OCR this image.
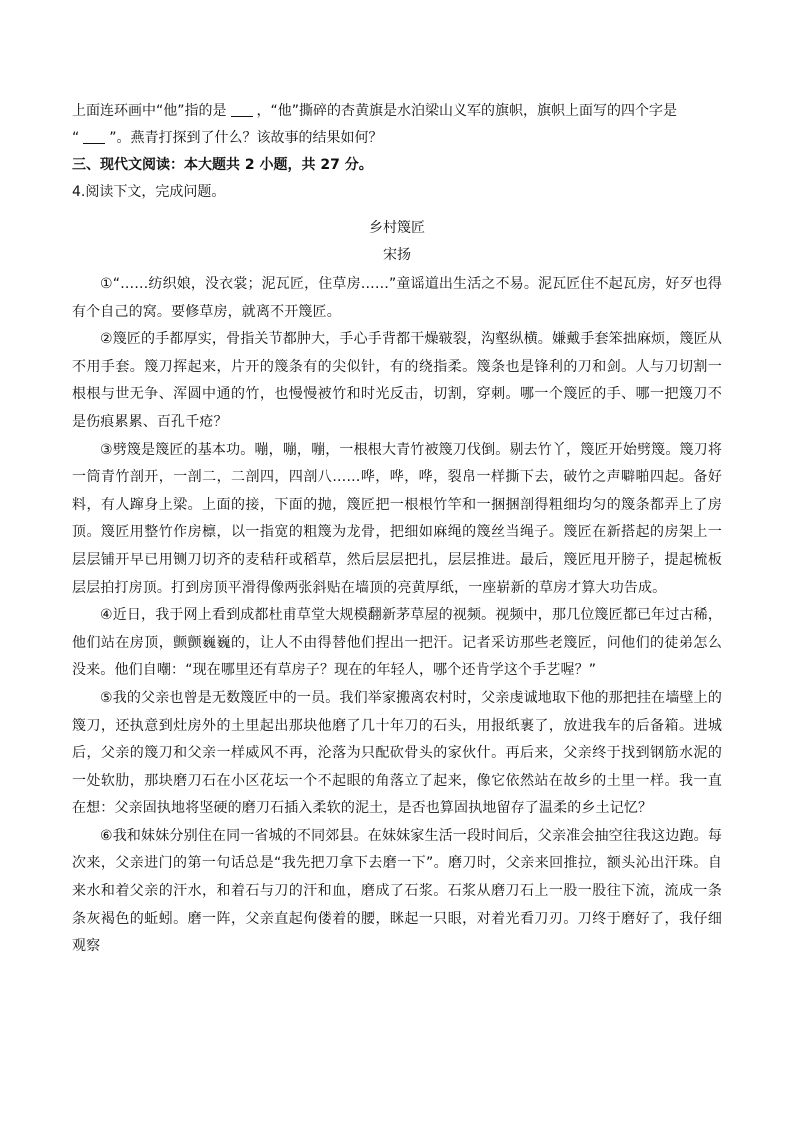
上面连环画中“他”指的是 ，“他”撕碎的杏黄旗是水泊梁山义军的旗帜，旗帜上面写的四个字是
“ ”。燕青打探到了什么？该故事的结果如何？
三、现代文阅读：本大题共 2 小题，共 27 分。
4.阅读下文，完成问题。
乡村篾匠
宋扬

①“……纺织娘，没衣裳；泥瓦匠，住草房……”童谣道出生活之不易。泥瓦匠住不起瓦房，好歹也得有个自己的窝。要修草房，就离不开篾匠。

②篾匠的手都厚实，骨指关节都肿大，手心手背都干燥皲裂，沟壑纵横。嫌戴手套笨拙麻烦，篾匠从不用手套。篾刀挥起来，片开的篾条有的尖似针，有的绕指柔。篾条也是锋利的刀和剑。人与刀切割一根根与世无争、浑圆中通的竹，也慢慢被竹和时光反击，切割，穿刺。哪一个篾匠的手、哪一把篾刀不是伤痕累累、百孔千疮？

③劈篾是篾匠的基本功。嘣，嘣，嘣，一根根大青竹被篾刀伐倒。剔去竹丫，篾匠开始劈篾。篾刀将一筒青竹剖开，一剖二，二剖四，四剖八……哗，哗，哗，裂帛一样撕下去，破竹之声噼啪四起。备好料，有人蹿身上梁。上面的接，下面的抛，篾匠把一根根竹竿和一捆捆剖得粗细均匀的篾条都弄上了房顶。篾匠用整竹作房檩，以一指宽的粗篾为龙骨，把细如麻绳的篾丝当绳子。篾匠在新搭起的房架上一层层铺开早已用铡刀切齐的麦秸秆或稻草，然后层层把扎，层层推进。最后，篾匠甩开膀子，提起梳板层层拍打房顶。打到房顶平滑得像两张斜贴在墙顶的亮黄厚纸，一座崭新的草房才算大功告成。

④近日，我于网上看到成都杜甫草堂大规模翻新茅草屋的视频。视频中，那几位篾匠都已年过古稀，他们站在房顶，颤颤巍巍的，让人不由得替他们捏出一把汗。记者采访那些老篾匠，问他们的徒弟怎么没来。他们自嘲：“现在哪里还有草房子？现在的年轻人，哪个还肯学这个手艺喔？”

⑤我的父亲也曾是无数篾匠中的一员。我们举家搬离农村时，父亲虔诚地取下他的那把挂在墙壁上的篾刀，还执意到灶房外的土里起出那块他磨了几十年刀的石头，用报纸裹了，放进我车的后备箱。进城后，父亲的篾刀和父亲一样威风不再，沦落为只配砍骨头的家伙什。再后来，父亲终于找到钢筋水泥的一处软肋，那块磨刀石在小区花坛一个不起眼的角落立了起来，像它依然站在故乡的土里一样。我一直在想：父亲固执地将坚硬的磨刀石插入柔软的泥土，是否也算固执地留存了温柔的乡土记忆？

⑥我和妹妹分别住在同一省城的不同郊县。在妹妹家生活一段时间后，父亲准会抽空往我这边跑。每次来，父亲进门的第一句话总是“我先把刀拿下去磨一下”。磨刀时，父亲来回推拉，额头沁出汗珠。自来水和着父亲的汗水，和着石与刀的汗和血，磨成了石浆。石浆从磨刀石上一股一股往下流，流成一条条灰褐色的蚯蚓。磨一阵，父亲直起佝偻着的腰，眯起一只眼，对着光看刀刃。刀终于磨好了，我仔细观察
